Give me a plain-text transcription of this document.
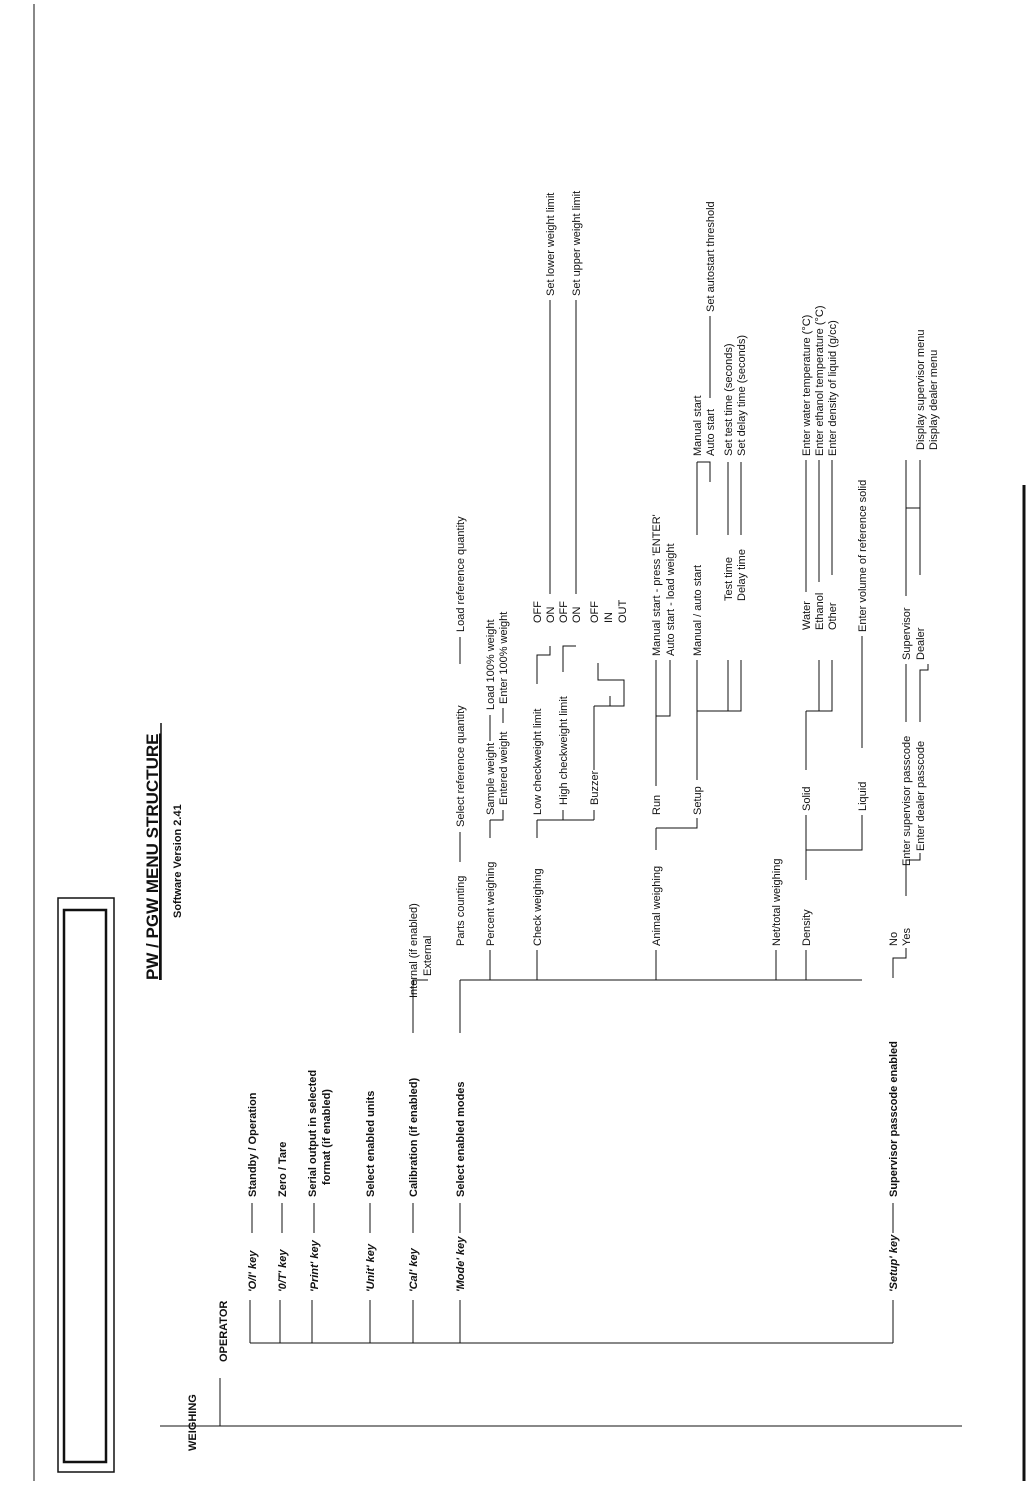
PW / PGW MENU STRUCTURE Software Version 2.41
WEIGHING
OPERATOR
'O/I' key '0/T' key 'Print' key	'Unit' key	'Cal' key	'Mode' key	'Setup' key
Standby / Operation Zero / Tare Serial output in selected format (if enabled)	Select enabled units	Calibration (if enabled)	Select enabled modes	Supervisor passcode enabled
Internal (if enabled) External
Parts counting Percent weighing	Check weighing	Animal weighing	Net/total weighing Density
Select reference quantity
Load reference quantity
Sample weight Entered weight
Load 100% weight Enter 100% weight
Low checkweight limit High checkweight limit Buzzer
OFF ON
Set lower weight limit
OFF ON
Set upper weight limit
OFF IN OUT
Run	Setup
Manual start - press 'ENTER' Auto start - load weight Manual / auto start Test time Delay time
Manual start Auto start
Set autostart threshold
Set test time (seconds) Set delay time (seconds)
Solid	Liquid
Water Ethanol Other
Enter water temperature (°C) Enter ethanol temperature (°C) Enter density of liquid (g/cc)
Enter volume of reference solid
No Yes
Enter supervisor passcode Enter dealer passcode
Supervisor Dealer
Display supervisor menu Display dealer menu
